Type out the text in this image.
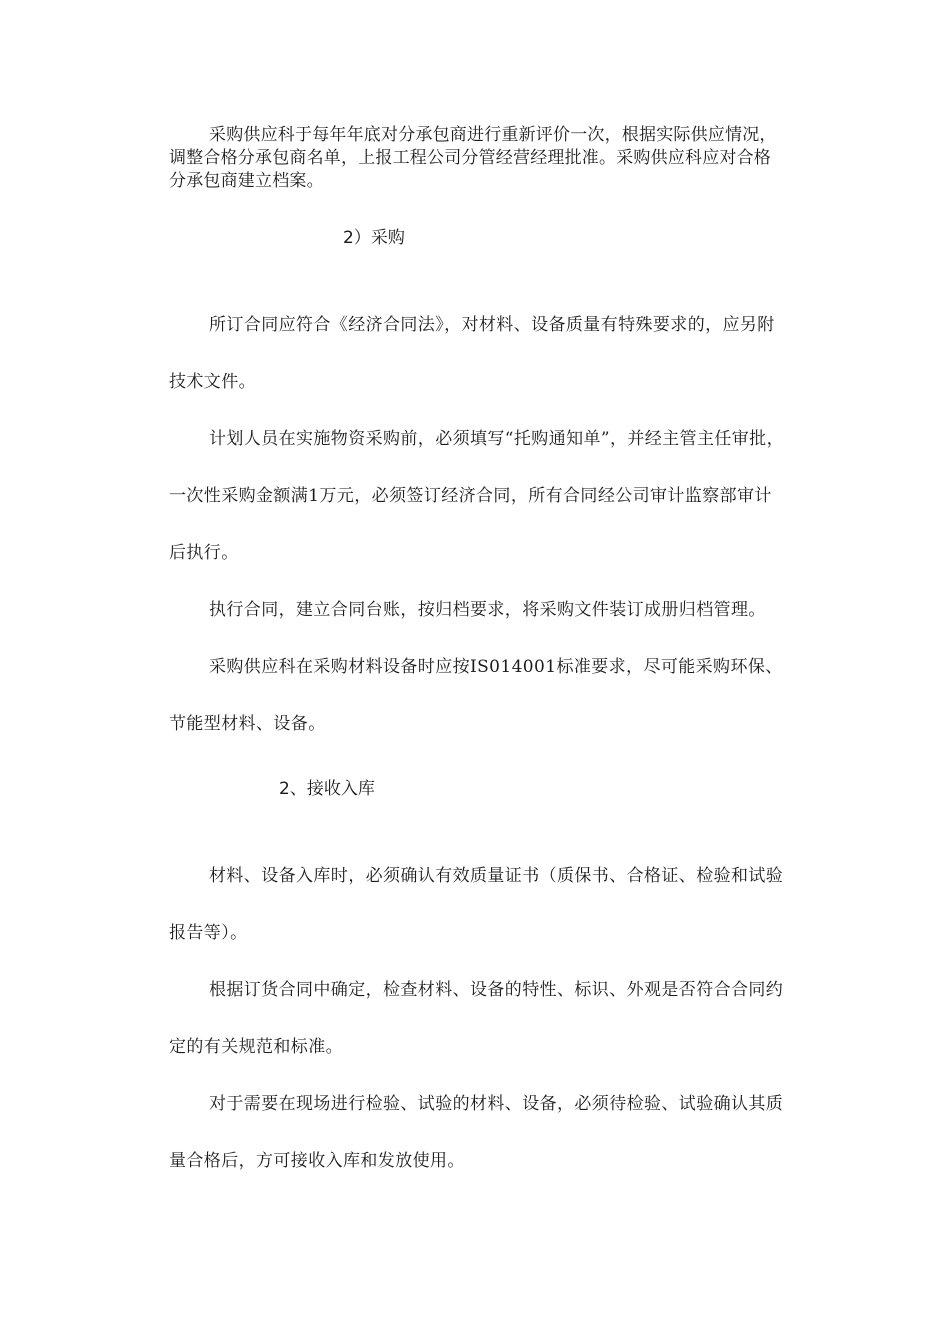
采购供应科于每年年底对分承包商进行重新评价一次，根据实际供应情况，
调整合格分承包商名单，上报工程公司分管经营经理批准。采购供应科应对合格
分承包商建立档案。
2）采购
所订合同应符合《经济合同法》，对材料、设备质量有特殊要求的，应另附
技术文件。
计划人员在实施物资采购前，必须填写“托购通知单”，并经主管主任审批，
一次性采购金额满1万元，必须签订经济合同，所有合同经公司审计监察部审计
后执行。
执行合同，建立合同台账，按归档要求，将采购文件装订成册归档管理。
采购供应科在采购材料设备时应按IS014001标准要求，尽可能采购环保、
节能型材料、设备。
2、接收入库
材料、设备入库时，必须确认有效质量证书（质保书、合格证、检验和试验
报告等）。
根据订货合同中确定，检查材料、设备的特性、标识、外观是否符合合同约
定的有关规范和标准。
对于需要在现场进行检验、试验的材料、设备，必须待检验、试验确认其质
量合格后，方可接收入库和发放使用。
